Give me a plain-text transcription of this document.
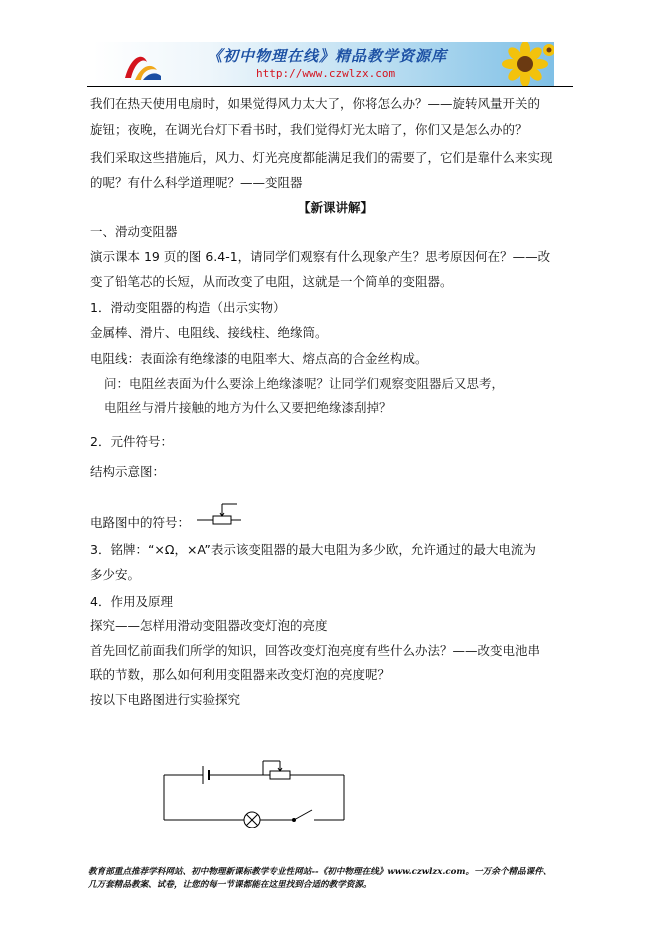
《初中物理在线》精品教学资源库
http://www.czwlzx.com
我们在热天使用电扇时，如果觉得风力太大了，你将怎么办？——旋转风量开关的
旋钮；夜晚，在调光台灯下看书时，我们觉得灯光太暗了，你们又是怎么办的？
我们采取这些措施后，风力、灯光亮度都能满足我们的需要了，它们是靠什么来实现
的呢？有什么科学道理呢？——变阻器
【新课讲解】
一、滑动变阻器
演示课本 19 页的图 6.4-1，请同学们观察有什么现象产生？思考原因何在？——改
变了铅笔芯的长短，从而改变了电阻，这就是一个简单的变阻器。
1．滑动变阻器的构造（出示实物）
金属棒、滑片、电阻线、接线柱、绝缘筒。
电阻线：表面涂有绝缘漆的电阻率大、熔点高的合金丝构成。
问：电阻丝表面为什么要涂上绝缘漆呢？让同学们观察变阻器后又思考，
电阻丝与滑片接触的地方为什么又要把绝缘漆刮掉？
2．元件符号：
结构示意图：
电路图中的符号：
3．铭牌：“×Ω，×A”表示该变阻器的最大电阻为多少欧，允许通过的最大电流为
多少安。
4．作用及原理
探究——怎样用滑动变阻器改变灯泡的亮度
首先回忆前面我们所学的知识，回答改变灯泡亮度有些什么办法？——改变电池串
联的节数，那么如何利用变阻器来改变灯泡的亮度呢？
按以下电路图进行实验探究
教育部重点推荐学科网站、初中物理新课标教学专业性网站--《初中物理在线》www.czwlzx.com。一万余个精品课件、
几万套精品教案、试卷，让您的每一节课都能在这里找到合适的教学资源。
